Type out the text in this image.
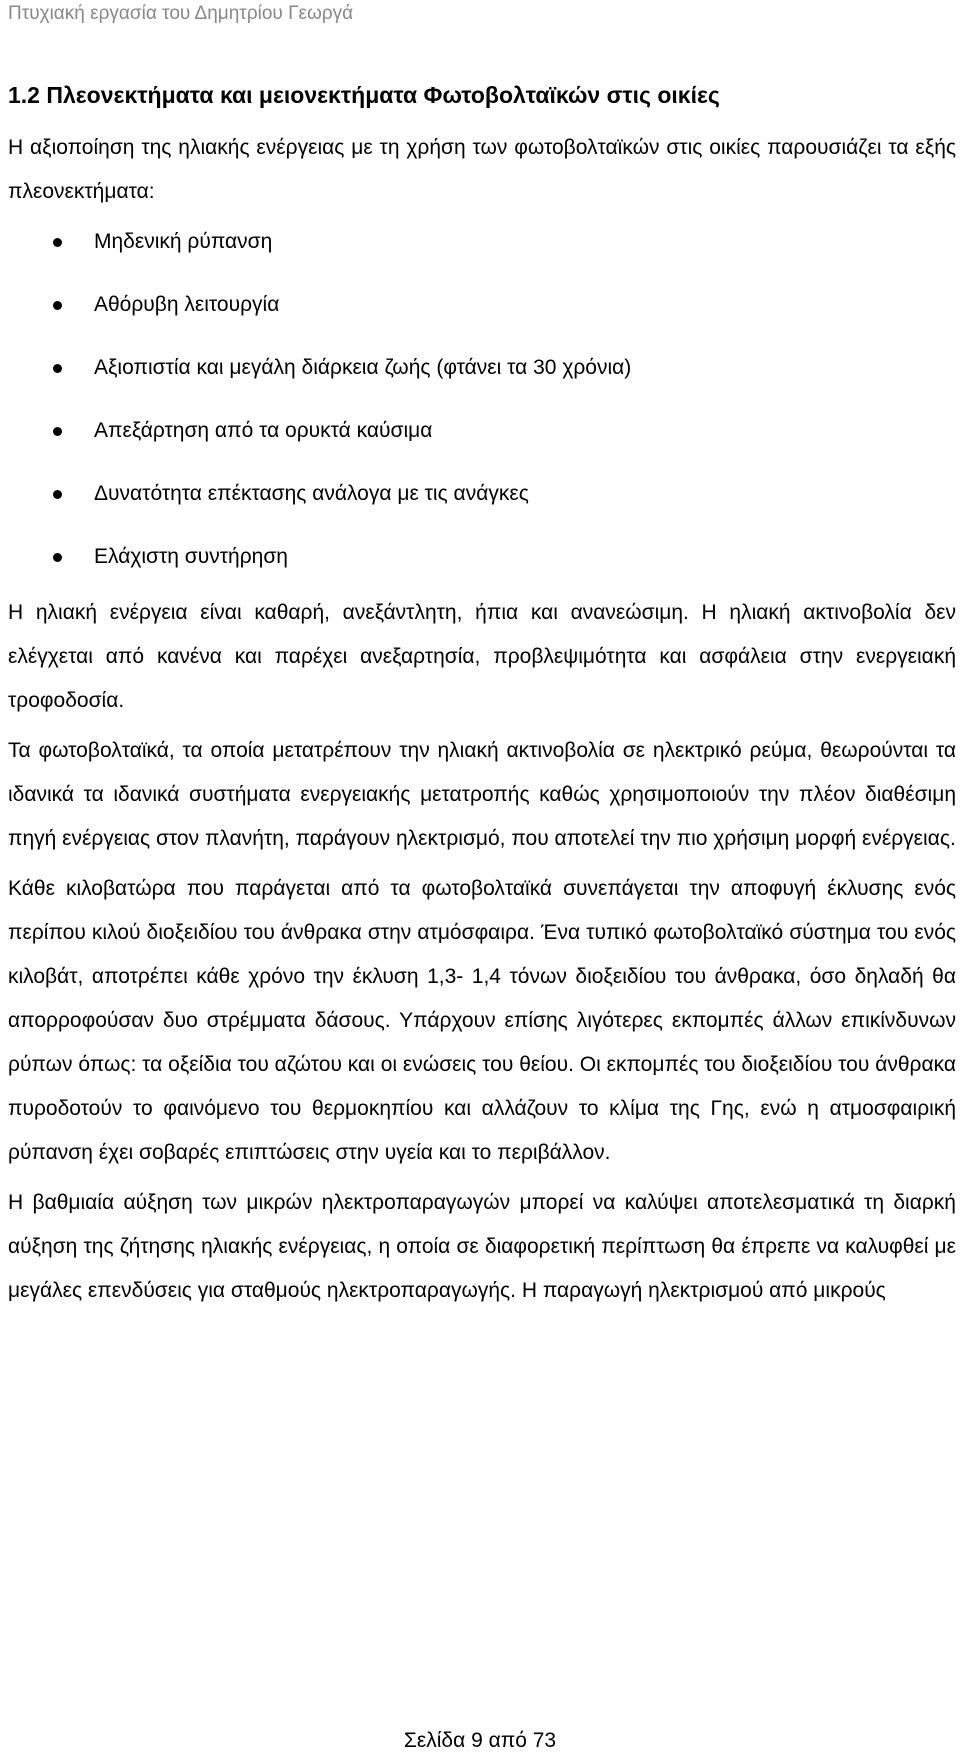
Πτυχιακή εργασία του Δημητρίου Γεωργά
1.2 Πλεονεκτήματα και μειονεκτήματα Φωτοβολταϊκών στις οικίες

Η αξιοποίηση της ηλιακής ενέργειας με τη χρήση των φωτοβολταϊκών στις οικίες παρουσιάζει τα εξής πλεονεκτήματα:

Μηδενική ρύπανση
Αθόρυβη λειτουργία
Αξιοπιστία και μεγάλη διάρκεια ζωής (φτάνει τα 30 χρόνια)
Απεξάρτηση από τα ορυκτά καύσιμα
Δυνατότητα επέκτασης ανάλογα με τις ανάγκες
Ελάχιστη συντήρηση

Η ηλιακή ενέργεια είναι καθαρή, ανεξάντλητη, ήπια και ανανεώσιμη. Η ηλιακή ακτινοβολία δεν ελέγχεται από κανένα και παρέχει ανεξαρτησία, προβλεψιμότητα και ασφάλεια στην ενεργειακή τροφοδοσία.

Τα φωτοβολταϊκά, τα οποία μετατρέπουν την ηλιακή ακτινοβολία σε ηλεκτρικό ρεύμα, θεωρούνται τα ιδανικά τα ιδανικά συστήματα ενεργειακής μετατροπής καθώς χρησιμοποιούν την πλέον διαθέσιμη πηγή ενέργειας στον πλανήτη, παράγουν ηλεκτρισμό, που αποτελεί την πιο χρήσιμη μορφή ενέργειας.

Κάθε κιλοβατώρα που παράγεται από τα φωτοβολταϊκά συνεπάγεται την αποφυγή έκλυσης ενός περίπου κιλού διοξειδίου του άνθρακα στην ατμόσφαιρα. Ένα τυπικό φωτοβολταϊκό σύστημα του ενός κιλοβάτ, αποτρέπει κάθε χρόνο την έκλυση 1,3- 1,4 τόνων διοξειδίου του άνθρακα, όσο δηλαδή θα απορροφούσαν δυο στρέμματα δάσους. Υπάρχουν επίσης λιγότερες εκπομπές άλλων επικίνδυνων ρύπων όπως: τα οξείδια του αζώτου και οι ενώσεις του θείου. Οι εκπομπές του διοξειδίου του άνθρακα πυροδοτούν το φαινόμενο του θερμοκηπίου και αλλάζουν το κλίμα της Γης, ενώ η ατμοσφαιρική ρύπανση έχει σοβαρές επιπτώσεις στην υγεία και το περιβάλλον.

Η βαθμιαία αύξηση των μικρών ηλεκτροπαραγωγών μπορεί να καλύψει αποτελεσματικά τη διαρκή αύξηση της ζήτησης ηλιακής ενέργειας, η οποία σε διαφορετική περίπτωση θα έπρεπε να καλυφθεί με μεγάλες επενδύσεις για σταθμούς ηλεκτροπαραγωγής. Η παραγωγή ηλεκτρισμού από μικρούς

Σελίδα 9 από 73
